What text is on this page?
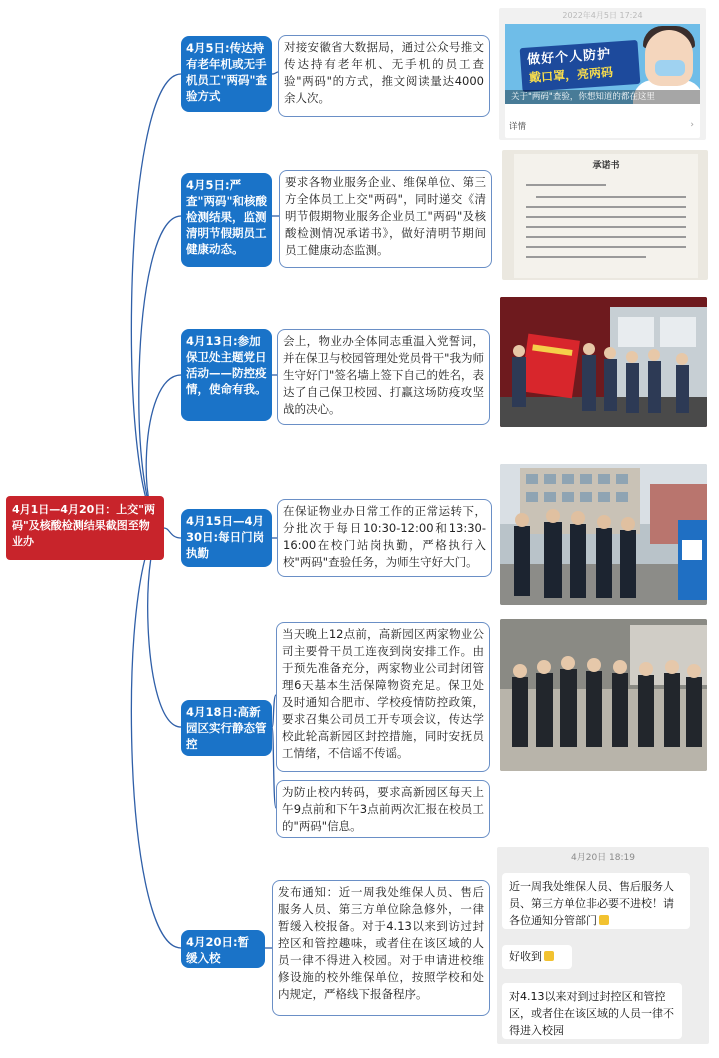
4月1日—4月20日：上交"两码"及核酸检测结果截图至物业办
4月5日:传达持有老年机或无手机员工"两码"查验方式
4月5日:严查"两码"和核酸检测结果，监测清明节假期员工健康动态。
4月13日:参加保卫处主题党日活动——防控疫情，使命有我。
4月15日—4月30日:每日门岗执勤
4月18日:高新园区实行静态管控
4月20日:暂缓入校
对接安徽省大数据局，通过公众号推文传达持有老年机、无手机的员工查验"两码"的方式，推文阅读量达4000余人次。
要求各物业服务企业、维保单位、第三方全体员工上交"两码"，同时递交《清明节假期物业服务企业员工"两码"及核酸检测情况承诺书》，做好清明节期间员工健康动态监测。
会上，物业办全体同志重温入党誓词，并在保卫与校园管理处党员骨干"我为师生守好门"签名墙上签下自己的姓名，表达了自己保卫校园、打赢这场防疫攻坚战的决心。
在保证物业办日常工作的正常运转下，分批次于每日10:30-12:00和13:30-16:00在校门站岗执勤，严格执行入校"两码"查验任务，为师生守好大门。
当天晚上12点前，高新园区两家物业公司主要骨干员工连夜到岗安排工作。由于预先准备充分，两家物业公司封闭管理6天基本生活保障物资充足。保卫处及时通知合肥市、学校疫情防控政策，要求召集公司员工开专项会议，传达学校此轮高新园区封控措施，同时安抚员工情绪，不信谣不传谣。
为防止校内转码，要求高新园区每天上午9点前和下午3点前两次汇报在校员工的"两码"信息。
发布通知：近一周我处维保人员、售后服务人员、第三方单位除急修外，一律暂缓入校报备。对于4.13以来到访过封控区和管控趣味，或者住在该区域的人员一律不得进入校园。对于申请进校维修设施的校外维保单位，按照学校和处内规定，严格线下报备程序。
2022年4月5日 17:24
做好个人防护
戴口罩，亮两码
关于"两码"查验，你想知道的都在这里
详情	›
承诺书
4月20日 18:19
近一周我处维保人员、售后服务人员、第三方单位非必要不进校！请各位通知分管部门
好收到
对4.13以来对到过封控区和管控区，或者住在该区域的人员一律不得进入校园
